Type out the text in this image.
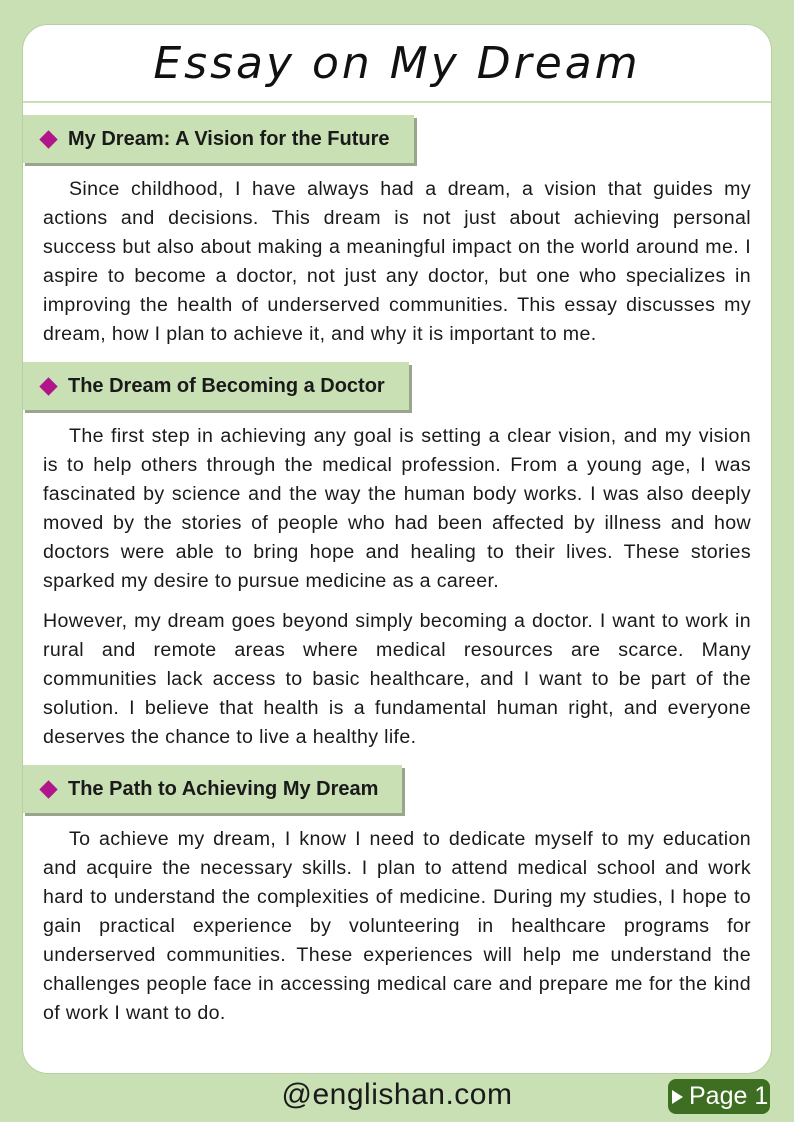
Essay on My Dream
My Dream: A Vision for the Future

Since childhood, I have always had a dream, a vision that guides my actions and decisions. This dream is not just about achieving personal success but also about making a meaningful impact on the world around me. I aspire to become a doctor, not just any doctor, but one who specializes in improving the health of underserved communities. This essay discusses my dream, how I plan to achieve it, and why it is important to me.

The Dream of Becoming a Doctor

The first step in achieving any goal is setting a clear vision, and my vision is to help others through the medical profession. From a young age, I was fascinated by science and the way the human body works. I was also deeply moved by the stories of people who had been affected by illness and how doctors were able to bring hope and healing to their lives. These stories sparked my desire to pursue medicine as a career.

However, my dream goes beyond simply becoming a doctor. I want to work in rural and remote areas where medical resources are scarce. Many communities lack access to basic healthcare, and I want to be part of the solution. I believe that health is a fundamental human right, and everyone deserves the chance to live a healthy life.

The Path to Achieving My Dream

To achieve my dream, I know I need to dedicate myself to my education and acquire the necessary skills. I plan to attend medical school and work hard to understand the complexities of medicine. During my studies, I hope to gain practical experience by volunteering in healthcare programs for underserved communities. These experiences will help me understand the challenges people face in accessing medical care and prepare me for the kind of work I want to do.

@englishan.com	Page 1
